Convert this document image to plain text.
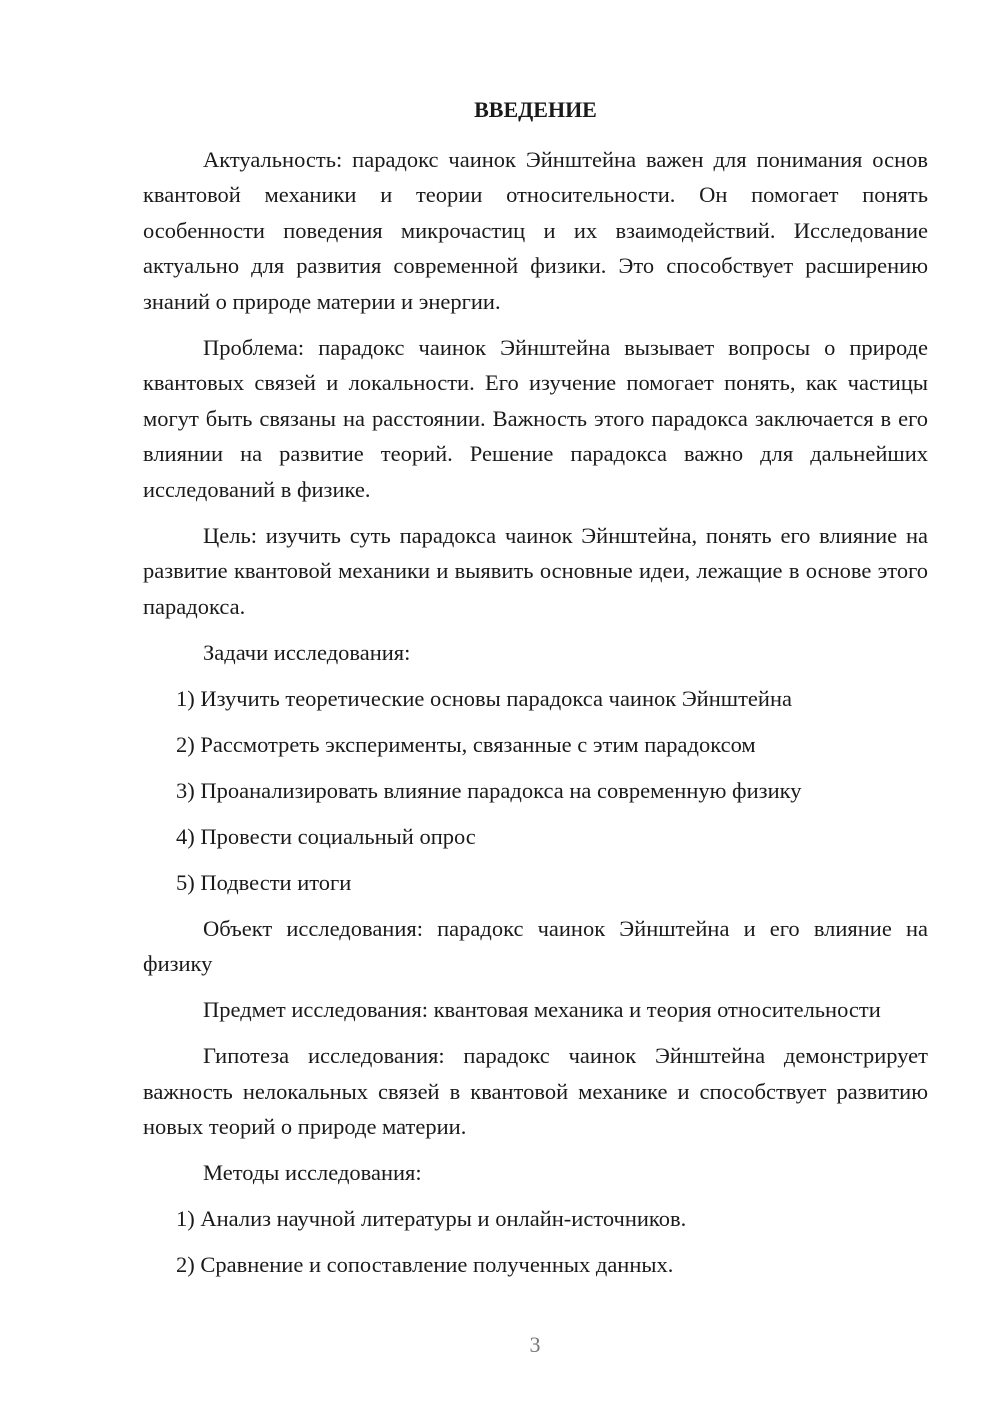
ВВЕДЕНИЕ

Актуальность: парадокс чаинок Эйнштейна важен для понимания основ квантовой механики и теории относительности. Он помогает понять особенности поведения микрочастиц и их взаимодействий. Исследование актуально для развития современной физики. Это способствует расширению знаний о природе материи и энергии.

Проблема: парадокс чаинок Эйнштейна вызывает вопросы о природе квантовых связей и локальности. Его изучение помогает понять, как частицы могут быть связаны на расстоянии. Важность этого парадокса заключается в его влиянии на развитие теорий. Решение парадокса важно для дальнейших исследований в физике.

Цель: изучить суть парадокса чаинок Эйнштейна, понять его влияние на развитие квантовой механики и выявить основные идеи, лежащие в основе этого парадокса.

Задачи исследования:

1) Изучить теоретические основы парадокса чаинок Эйнштейна

2) Рассмотреть эксперименты, связанные с этим парадоксом

3) Проанализировать влияние парадокса на современную физику

4) Провести социальный опрос

5) Подвести итоги

Объект исследования: парадокс чаинок Эйнштейна и его влияние на физику

Предмет исследования: квантовая механика и теория относительности

Гипотеза исследования: парадокс чаинок Эйнштейна демонстрирует важность нелокальных связей в квантовой механике и способствует развитию новых теорий о природе материи.

Методы исследования:

1) Анализ научной литературы и онлайн-источников.

2) Сравнение и сопоставление полученных данных.

3
